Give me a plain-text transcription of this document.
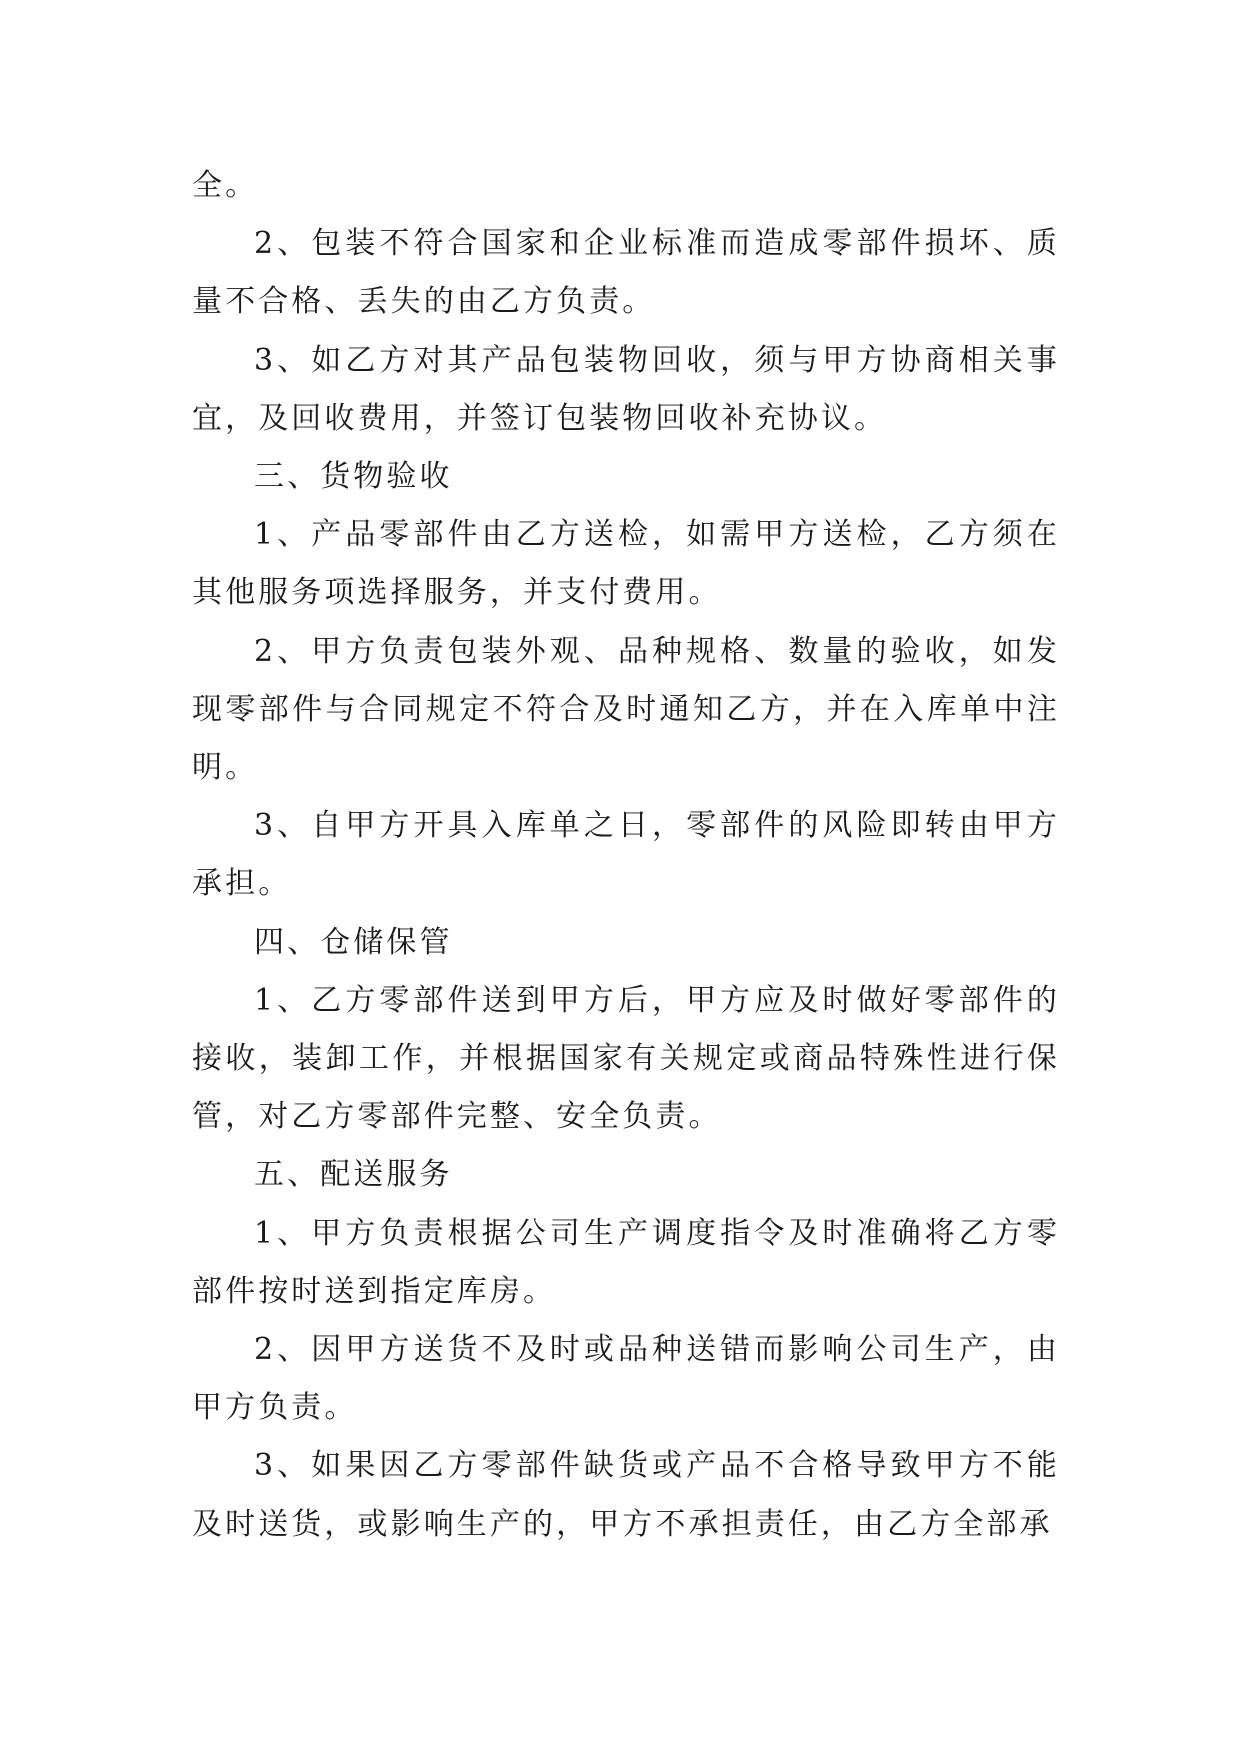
全。

2、包装不符合国家和企业标准而造成零部件损坏、质量不合格、丢失的由乙方负责。

3、如乙方对其产品包装物回收，须与甲方协商相关事宜，及回收费用，并签订包装物回收补充协议。

三、货物验收

1、产品零部件由乙方送检，如需甲方送检，乙方须在其他服务项选择服务，并支付费用。

2、甲方负责包装外观、品种规格、数量的验收，如发现零部件与合同规定不符合及时通知乙方，并在入库单中注明。

3、自甲方开具入库单之日，零部件的风险即转由甲方承担。

四、仓储保管

1、乙方零部件送到甲方后，甲方应及时做好零部件的接收，装卸工作，并根据国家有关规定或商品特殊性进行保管，对乙方零部件完整、安全负责。

五、配送服务

1、甲方负责根据公司生产调度指令及时准确将乙方零部件按时送到指定库房。

2、因甲方送货不及时或品种送错而影响公司生产，由甲方负责。

3、如果因乙方零部件缺货或产品不合格导致甲方不能及时送货，或影响生产的，甲方不承担责任，由乙方全部承
